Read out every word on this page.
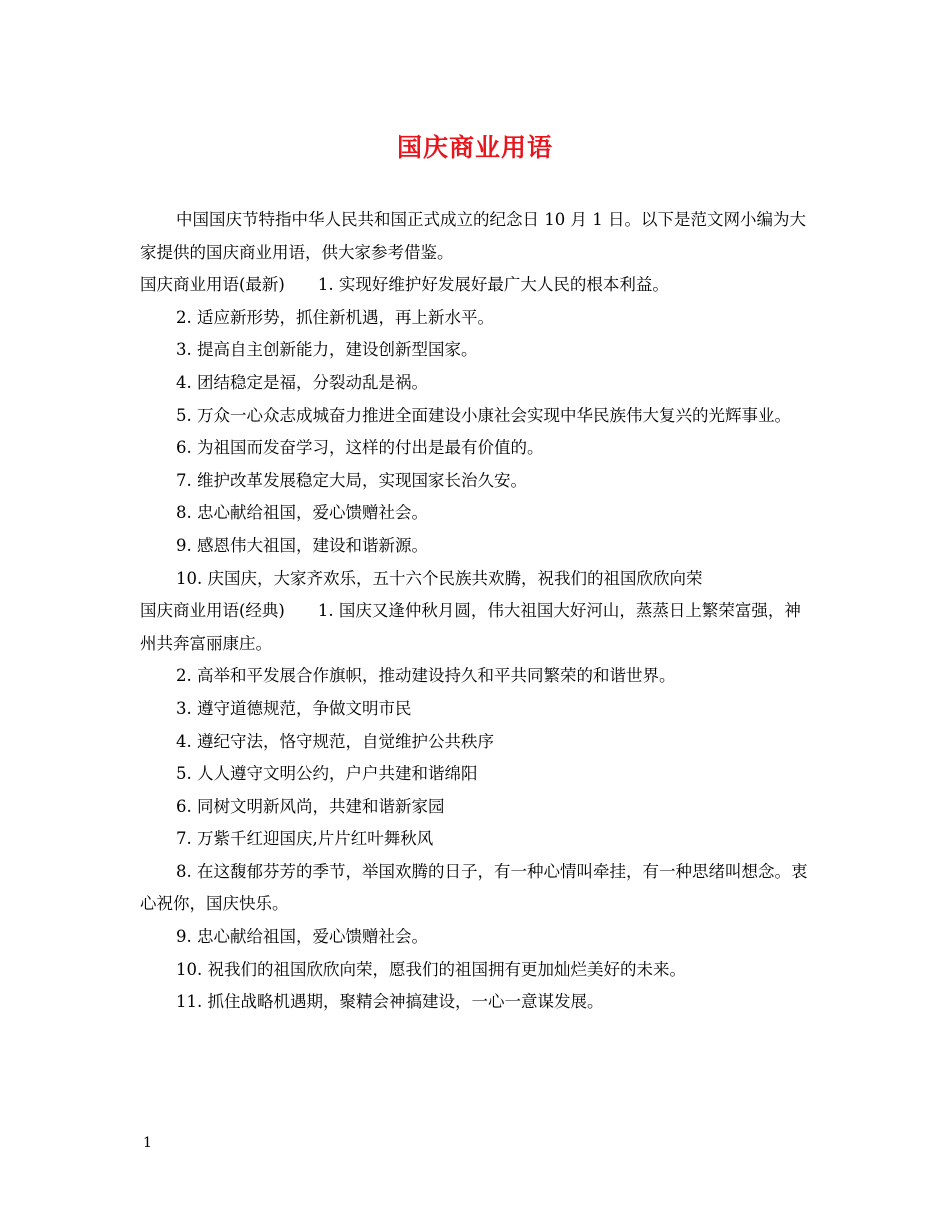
国庆商业用语

中国国庆节特指中华人民共和国正式成立的纪念日 10 月 1 日。以下是范文网小编为大家提供的国庆商业用语，供大家参考借鉴。

国庆商业用语(最新)　　1. 实现好维护好发展好最广大人民的根本利益。

2. 适应新形势，抓住新机遇，再上新水平。

3. 提高自主创新能力，建设创新型国家。

4. 团结稳定是福，分裂动乱是祸。

5. 万众一心众志成城奋力推进全面建设小康社会实现中华民族伟大复兴的光辉事业。

6. 为祖国而发奋学习，这样的付出是最有价值的。

7. 维护改革发展稳定大局，实现国家长治久安。

8. 忠心献给祖国，爱心馈赠社会。

9. 感恩伟大祖国，建设和谐新源。

10. 庆国庆，大家齐欢乐，五十六个民族共欢腾，祝我们的祖国欣欣向荣

国庆商业用语(经典)　　1. 国庆又逢仲秋月圆，伟大祖国大好河山，蒸蒸日上繁荣富强，神州共奔富丽康庄。

2. 高举和平发展合作旗帜，推动建设持久和平共同繁荣的和谐世界。

3. 遵守道德规范，争做文明市民

4. 遵纪守法，恪守规范，自觉维护公共秩序

5. 人人遵守文明公约，户户共建和谐绵阳

6. 同树文明新风尚，共建和谐新家园

7. 万紫千红迎国庆,片片红叶舞秋风

8. 在这馥郁芬芳的季节，举国欢腾的日子，有一种心情叫牵挂，有一种思绪叫想念。衷心祝你，国庆快乐。

9. 忠心献给祖国，爱心馈赠社会。

10. 祝我们的祖国欣欣向荣，愿我们的祖国拥有更加灿烂美好的未来。

11. 抓住战略机遇期，聚精会神搞建设，一心一意谋发展。

1
